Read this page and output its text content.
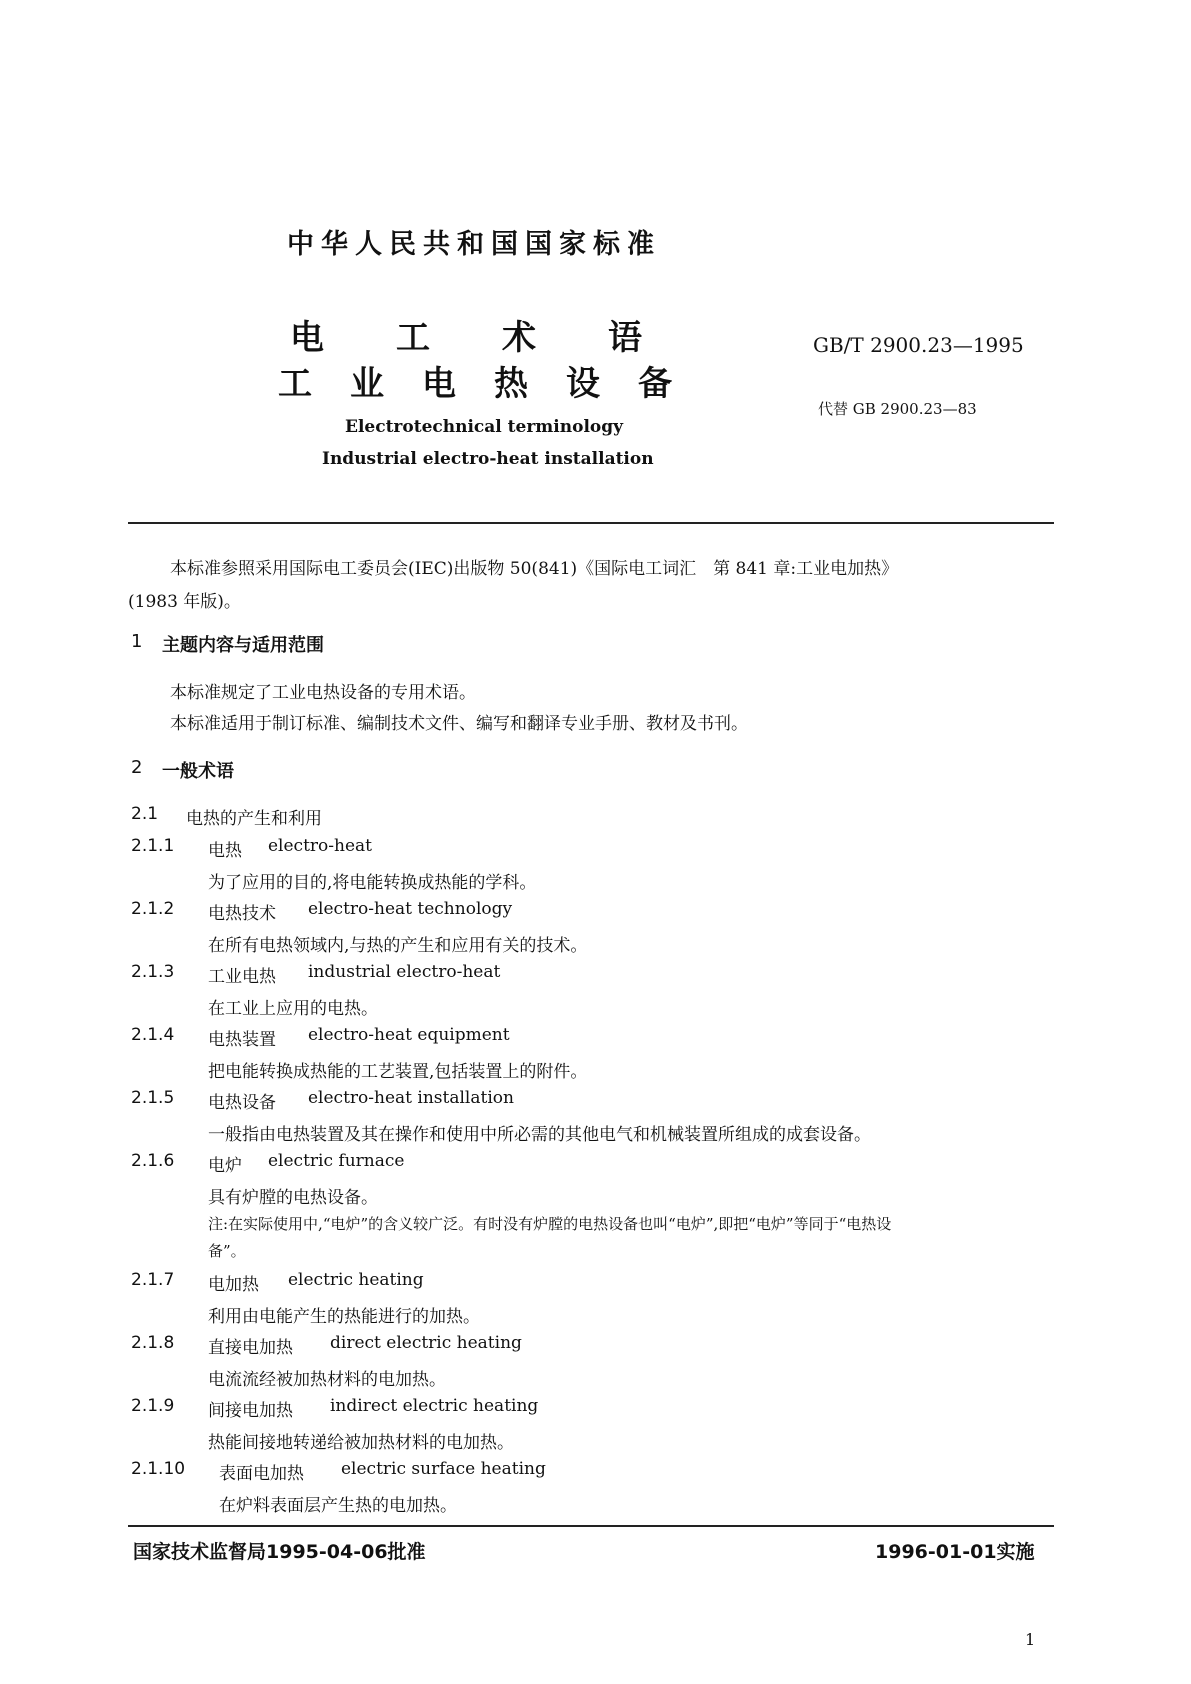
中华人民共和国国家标准
电工术语
工业电热设备
GB/T 2900.23—1995
代替 GB 2900.23—83
Electrotechnical terminology
Industrial electro-heat installation
本标准参照采用国际电工委员会(IEC)出版物 50(841)《国际电工词汇　第 841 章:工业电加热》
(1983 年版)。
1 主题内容与适用范围
本标准规定了工业电热设备的专用术语。
本标准适用于制订标准、编制技术文件、编写和翻译专业手册、教材及书刊。
2 一般术语
2.1 电热的产生和利用
2.1.1 电热 electro-heat
为了应用的目的,将电能转换成热能的学科。
2.1.2 电热技术 electro-heat technology
在所有电热领域内,与热的产生和应用有关的技术。
2.1.3 工业电热 industrial electro-heat
在工业上应用的电热。
2.1.4 电热装置 electro-heat equipment
把电能转换成热能的工艺装置,包括装置上的附件。
2.1.5 电热设备 electro-heat installation
一般指由电热装置及其在操作和使用中所必需的其他电气和机械装置所组成的成套设备。
2.1.6 电炉 electric furnace
具有炉膛的电热设备。
注:在实际使用中,“电炉”的含义较广泛。有时没有炉膛的电热设备也叫“电炉”,即把“电炉”等同于“电热设
备”。
2.1.7 电加热 electric heating
利用由电能产生的热能进行的加热。
2.1.8 直接电加热 direct electric heating
电流流经被加热材料的电加热。
2.1.9 间接电加热 indirect electric heating
热能间接地转递给被加热材料的电加热。
2.1.10 表面电加热 electric surface heating
在炉料表面层产生热的电加热。
国家技术监督局1995-04-06批准	1996-01-01实施
1
